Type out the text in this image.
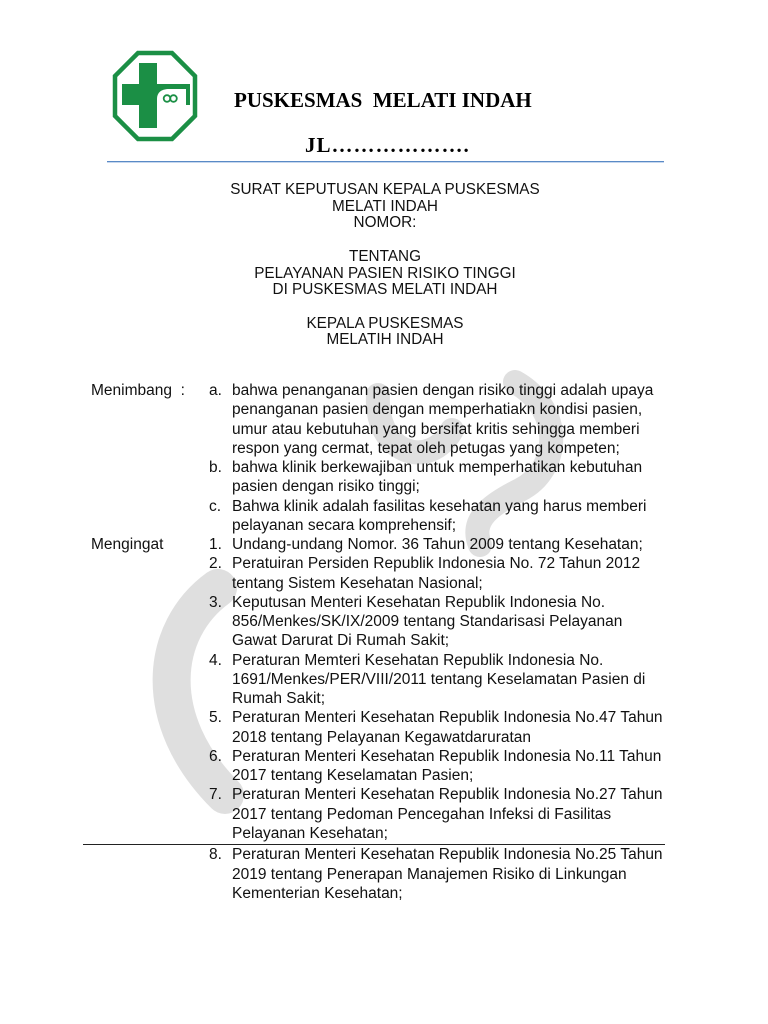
PUSKESMAS  MELATI INDAH
JL……………….
SURAT KEPUTUSAN KEPALA PUSKESMAS
MELATI INDAH
NOMOR:
TENTANG
PELAYANAN PASIEN RISIKO TINGGI
DI PUSKESMAS MELATI INDAH
KEPALA PUSKESMAS
MELATIH INDAH
Menimbang  : a. bahwa penanganan pasien dengan risiko tinggi adalah upaya
penanganan pasien dengan memperhatiakn kondisi pasien,
umur atau kebutuhan yang bersifat kritis sehingga memberi
respon yang cermat, tepat oleh petugas yang kompeten;
b. bahwa klinik berkewajiban untuk memperhatikan kebutuhan
pasien dengan risiko tinggi;
c. Bahwa klinik adalah fasilitas kesehatan yang harus memberi
pelayanan secara komprehensif;
Mengingat	1. Undang-undang Nomor. 36 Tahun 2009 tentang Kesehatan;
2. Peratuiran Persiden Republik Indonesia No. 72 Tahun 2012
tentang Sistem Kesehatan Nasional;
3. Keputusan Menteri Kesehatan Republik Indonesia No.
856/Menkes/SK/IX/2009 tentang Standarisasi Pelayanan
Gawat Darurat Di Rumah Sakit;
4. Peraturan Memteri Kesehatan Republik Indonesia No.
1691/Menkes/PER/VIII/2011 tentang Keselamatan Pasien di
Rumah Sakit;
5. Peraturan Menteri Kesehatan Republik Indonesia No.47 Tahun
2018 tentang Pelayanan Kegawatdaruratan
6. Peraturan Menteri Kesehatan Republik Indonesia No.11 Tahun
2017 tentang Keselamatan Pasien;
7. Peraturan Menteri Kesehatan Republik Indonesia No.27 Tahun
2017 tentang Pedoman Pencegahan Infeksi di Fasilitas
Pelayanan Kesehatan;
8. Peraturan Menteri Kesehatan Republik Indonesia No.25 Tahun
2019 tentang Penerapan Manajemen Risiko di Linkungan
Kementerian Kesehatan;
